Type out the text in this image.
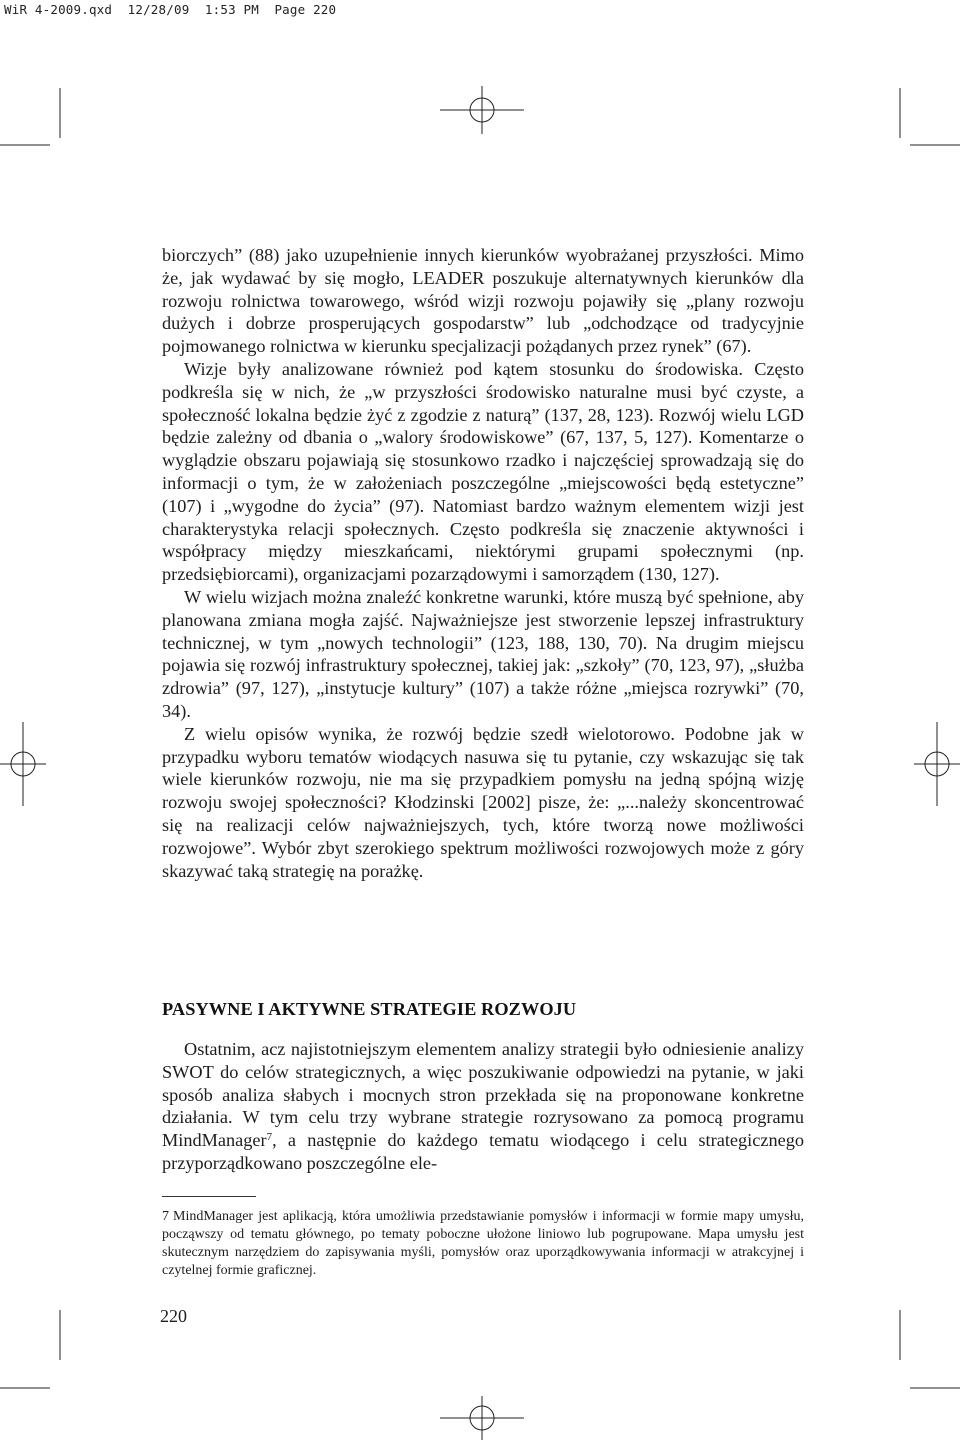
WiR 4-2009.qxd 12/28/09 1:53 PM Page 220

biorczych” (88) jako uzupełnienie innych kierunków wyobrażanej przyszłości. Mimo że, jak wydawać by się mogło, LEADER poszukuje alternatywnych kierunków dla rozwoju rolnictwa towarowego, wśród wizji rozwoju pojawiły się „plany rozwoju dużych i dobrze prosperujących gospodarstw” lub „odchodzące od tradycyjnie pojmowanego rolnictwa w kierunku specjalizacji pożądanych przez rynek” (67).

Wizje były analizowane również pod kątem stosunku do środowiska. Często podkreśla się w nich, że „w przyszłości środowisko naturalne musi być czyste, a społeczność lokalna będzie żyć z zgodzie z naturą” (137, 28, 123). Rozwój wielu LGD będzie zależny od dbania o „walory środowiskowe” (67, 137, 5, 127). Komentarze o wyglądzie obszaru pojawiają się stosunkowo rzadko i najczęściej sprowadzają się do informacji o tym, że w założeniach poszczególne „miejscowości będą estetyczne” (107) i „wygodne do życia” (97). Natomiast bardzo ważnym elementem wizji jest charakterystyka relacji społecznych. Często podkreśla się znaczenie aktywności i współpracy między mieszkańcami, niektórymi grupami społecznymi (np. przedsiębiorcami), organizacjami pozarządowymi i samorządem (130, 127).

W wielu wizjach można znaleźć konkretne warunki, które muszą być spełnione, aby planowana zmiana mogła zajść. Najważniejsze jest stworzenie lepszej infrastruktury technicznej, w tym „nowych technologii” (123, 188, 130, 70). Na drugim miejscu pojawia się rozwój infrastruktury społecznej, takiej jak: „szkoły” (70, 123, 97), „służba zdrowia” (97, 127), „instytucje kultury” (107) a także różne „miejsca rozrywki” (70, 34).

Z wielu opisów wynika, że rozwój będzie szedł wielotorowo. Podobne jak w przypadku wyboru tematów wiodących nasuwa się tu pytanie, czy wskazując się tak wiele kierunków rozwoju, nie ma się przypadkiem pomysłu na jedną spójną wizję rozwoju swojej społeczności? Kłodzinski [2002] pisze, że: „...należy skoncentrować się na realizacji celów najważniejszych, tych, które tworzą nowe możliwości rozwojowe”. Wybór zbyt szerokiego spektrum możliwości rozwojowych może z góry skazywać taką strategię na porażkę.

PASYWNE I AKTYWNE STRATEGIE ROZWOJU

Ostatnim, acz najistotniejszym elementem analizy strategii było odniesienie analizy SWOT do celów strategicznych, a więc poszukiwanie odpowiedzi na pytanie, w jaki sposób analiza słabych i mocnych stron przekłada się na proponowane konkretne działania. W tym celu trzy wybrane strategie rozrysowano za pomocą programu MindManager$^7$, a następnie do każdego tematu wiodącego i celu strategicznego przyporządkowano poszczególne ele-

7 MindManager jest aplikacją, która umożliwia przedstawianie pomysłów i informacji w formie mapy umysłu, począwszy od tematu głównego, po tematy poboczne ułożone liniowo lub pogrupowane. Mapa umysłu jest skutecznym narzędziem do zapisywania myśli, pomysłów oraz uporządkowywania informacji w atrakcyjnej i czytelnej formie graficznej.
220
